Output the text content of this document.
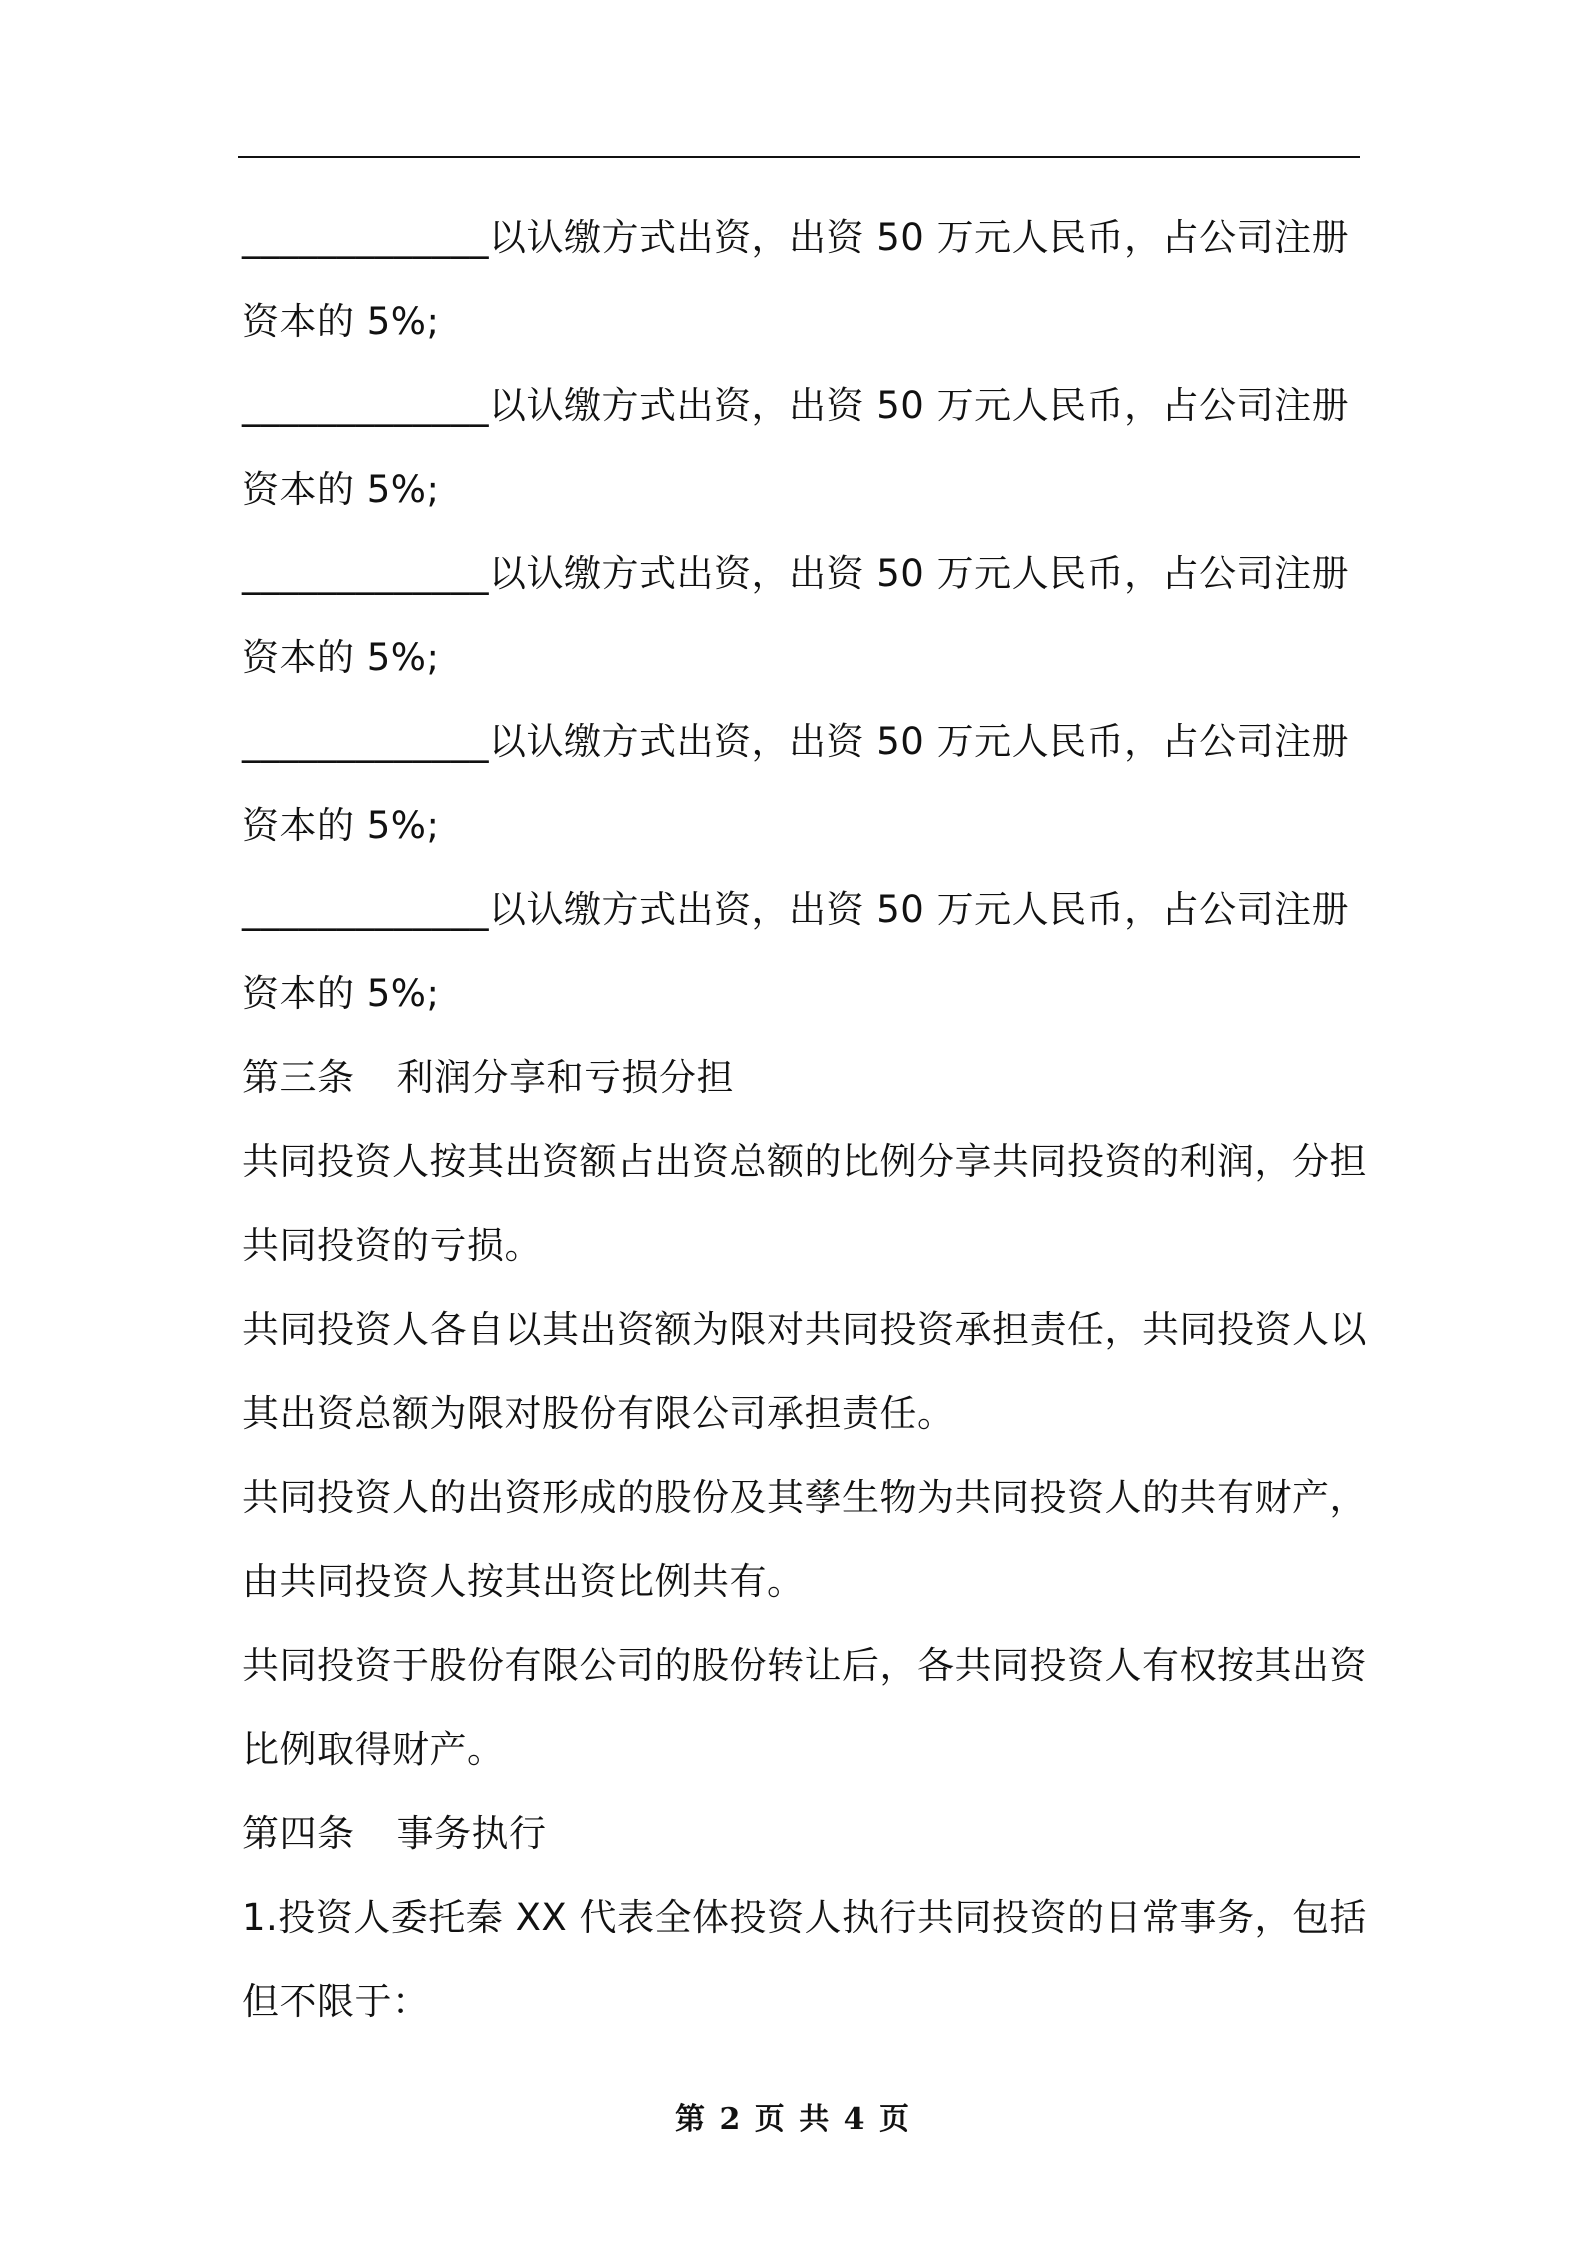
_____________以认缴方式出资，出资 50 万元人民币，占公司注册
资本的 5%;
_____________以认缴方式出资，出资 50 万元人民币，占公司注册
资本的 5%;
_____________以认缴方式出资，出资 50 万元人民币，占公司注册
资本的 5%;
_____________以认缴方式出资，出资 50 万元人民币，占公司注册
资本的 5%;
_____________以认缴方式出资，出资 50 万元人民币，占公司注册
资本的 5%;
第三条 利润分享和亏损分担
共同投资人按其出资额占出资总额的比例分享共同投资的利润，分担
共同投资的亏损。
共同投资人各自以其出资额为限对共同投资承担责任，共同投资人以
其出资总额为限对股份有限公司承担责任。
共同投资人的出资形成的股份及其孳生物为共同投资人的共有财产，
由共同投资人按其出资比例共有。
共同投资于股份有限公司的股份转让后，各共同投资人有权按其出资
比例取得财产。
第四条 事务执行
1.投资人委托秦 XX 代表全体投资人执行共同投资的日常事务，包括
但不限于：
第 2 页 共 4 页
